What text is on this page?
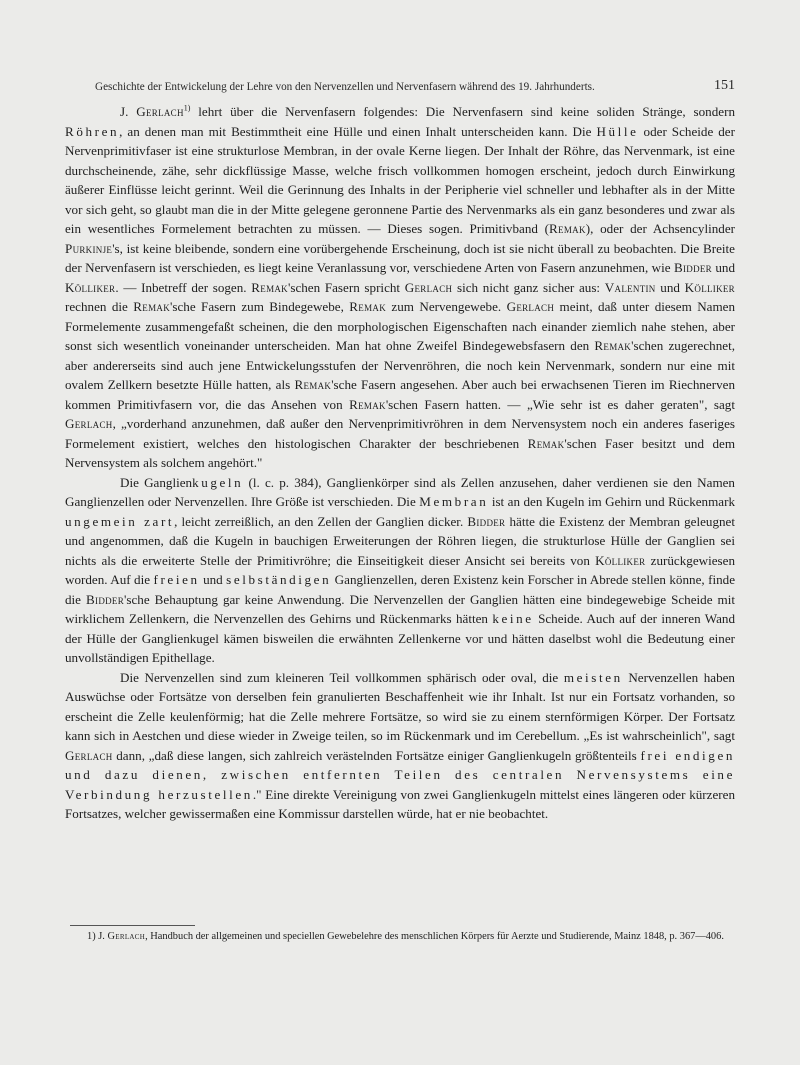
Geschichte der Entwickelung der Lehre von den Nervenzellen und Nervenfasern während des 19. Jahrhunderts.	151

J. Gerlach$^{1)}$ lehrt über die Nervenfasern folgendes: Die Nervenfasern sind keine soliden Stränge, sondern Röhren, an denen man mit Bestimmtheit eine Hülle und einen Inhalt unterscheiden kann. Die Hülle oder Scheide der Nervenprimitivfaser ist eine strukturlose Membran, in der ovale Kerne liegen. Der Inhalt der Röhre, das Nervenmark, ist eine durchscheinende, zähe, sehr dickflüssige Masse, welche frisch vollkommen homogen erscheint, jedoch durch Einwirkung äußerer Einflüsse leicht gerinnt. Weil die Gerinnung des Inhalts in der Peripherie viel schneller und lebhafter als in der Mitte vor sich geht, so glaubt man die in der Mitte gelegene geronnene Partie des Nervenmarks als ein ganz besonderes und zwar als ein wesentliches Formelement betrachten zu müssen. — Dieses sogen. Primitivband (Remak), oder der Achsencylinder Purkinje's, ist keine bleibende, sondern eine vorübergehende Erscheinung, doch ist sie nicht überall zu beobachten. Die Breite der Nervenfasern ist verschieden, es liegt keine Veranlassung vor, verschiedene Arten von Fasern anzunehmen, wie Bidder und Kölliker. — Inbetreff der sogen. Remak'schen Fasern spricht Gerlach sich nicht ganz sicher aus: Valentin und Kölliker rechnen die Remak'sche Fasern zum Bindegewebe, Remak zum Nervengewebe. Gerlach meint, daß unter diesem Namen Formelemente zusammengefaßt scheinen, die den morphologischen Eigenschaften nach einander ziemlich nahe stehen, aber sonst sich wesentlich voneinander unterscheiden. Man hat ohne Zweifel Bindegewebsfasern den Remak'schen zugerechnet, aber andererseits sind auch jene Entwickelungsstufen der Nervenröhren, die noch kein Nervenmark, sondern nur eine mit ovalem Zellkern besetzte Hülle hatten, als Remak'sche Fasern angesehen. Aber auch bei erwachsenen Tieren im Riechnerven kommen Primitivfasern vor, die das Ansehen von Remak'schen Fasern hatten. — „Wie sehr ist es daher geraten", sagt Gerlach, „vorderhand anzunehmen, daß außer den Nervenprimitivröhren in dem Nervensystem noch ein anderes faseriges Formelement existiert, welches den histologischen Charakter der beschriebenen Remak'schen Faser besitzt und dem Nervensystem als solchem angehört."

Die Ganglienkugeln (l. c. p. 384), Ganglienkörper sind als Zellen anzusehen, daher verdienen sie den Namen Ganglienzellen oder Nervenzellen. Ihre Größe ist verschieden. Die Membran ist an den Kugeln im Gehirn und Rückenmark ungemein zart, leicht zerreißlich, an den Zellen der Ganglien dicker. Bidder hätte die Existenz der Membran geleugnet und angenommen, daß die Kugeln in bauchigen Erweiterungen der Röhren liegen, die strukturlose Hülle der Ganglien sei nichts als die erweiterte Stelle der Primitivröhre; die Einseitigkeit dieser Ansicht sei bereits von Kölliker zurückgewiesen worden. Auf die freien und selbständigen Ganglienzellen, deren Existenz kein Forscher in Abrede stellen könne, finde die Bidder'sche Behauptung gar keine Anwendung. Die Nervenzellen der Ganglien hätten eine bindegewebige Scheide mit wirklichem Zellenkern, die Nervenzellen des Gehirns und Rückenmarks hätten keine Scheide. Auch auf der inneren Wand der Hülle der Ganglienkugel kämen bisweilen die erwähnten Zellenkerne vor und hätten daselbst wohl die Bedeutung einer unvollständigen Epithellage.

Die Nervenzellen sind zum kleineren Teil vollkommen sphärisch oder oval, die meisten Nervenzellen haben Auswüchse oder Fortsätze von derselben fein granulierten Beschaffenheit wie ihr Inhalt. Ist nur ein Fortsatz vorhanden, so erscheint die Zelle keulenförmig; hat die Zelle mehrere Fortsätze, so wird sie zu einem sternförmigen Körper. Der Fortsatz kann sich in Aestchen und diese wieder in Zweige teilen, so im Rückenmark und im Cerebellum. „Es ist wahrscheinlich", sagt Gerlach dann, „daß diese langen, sich zahlreich verästelnden Fortsätze einiger Ganglienkugeln größtenteils frei endigen und dazu dienen, zwischen entfernten Teilen des centralen Nervensystems eine Verbindung herzustellen." Eine direkte Vereinigung von zwei Ganglienkugeln mittelst eines längeren oder kürzeren Fortsatzes, welcher gewissermaßen eine Kommissur darstellen würde, hat er nie beobachtet.

1) J. Gerlach, Handbuch der allgemeinen und speciellen Gewebelehre des menschlichen Körpers für Aerzte und Studierende, Mainz 1848, p. 367—406.
